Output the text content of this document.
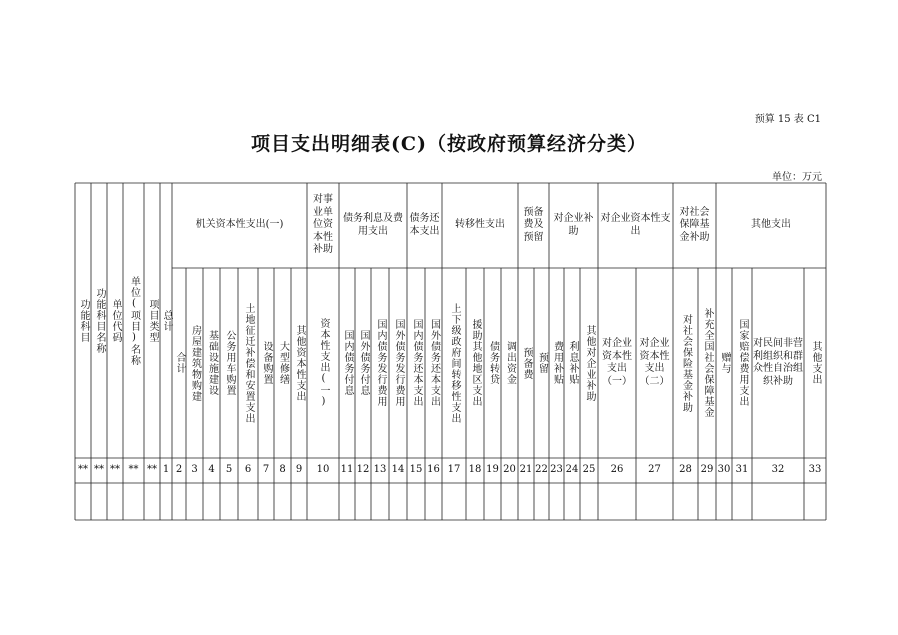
预算 15 表 C1
项目支出明细表(C)（按政府预算经济分类）
单位：万元
机关资本性支出(一)
对事业单位资本性补助
债务利息及费用支出
债务还本支出
转移性支出
预备费及预留
对企业补助
对企业资本性支出
对社会保障基金补助
其他支出
功能科目 功能科目名称 单位代码 单位(项目)名称 项目类型 总计
合计 房屋建筑物购建 基础设施建设 公务用车购置 土地征迁补偿和安置支出 设备购置 大型修缮 其他资本性支出 资本性支出(一) 国内债务付息 国外债务付息 国内债务发行费用 国外债务发行费用 国内债务还本支出 国外债务还本支出 上下级政府间转移性支出 援助其他地区支出 债务转贷 调出资金 预备费 预留 费用补贴 利息补贴 其他对企业补助 对企业资本性支出（一）
对企业资本性支出（二）	对社会保险基金补助 补充全国社会保障基金 赠与 国家赔偿费用支出 对民间非营利组织和群众性自治组织补助	其他支出
** ** ** ** ** 1 2 3 4 5 6 7 8 9 10 11 12 13 14 15 16 17 18 19 20 21 22 23 24 25 26 27 28 29 30 31 32 33
